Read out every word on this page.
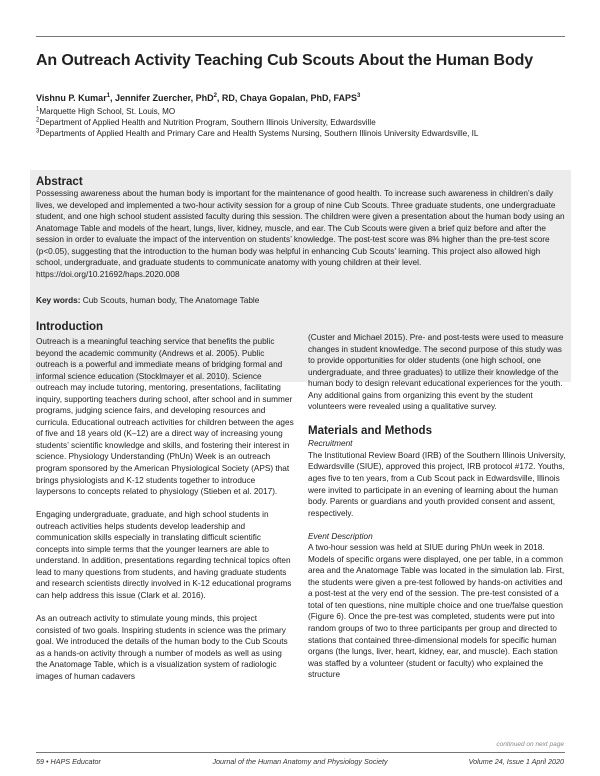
An Outreach Activity Teaching Cub Scouts About the Human Body
Vishnu P. Kumar$^1$, Jennifer Zuercher, PhD$^2$, RD, Chaya Gopalan, PhD, FAPS$^3$
$^1$Marquette High School, St. Louis, MO
$^2$Department of Applied Health and Nutrition Program, Southern Illinois University, Edwardsville
$^3$Departments of Applied Health and Primary Care and Health Systems Nursing, Southern Illinois University Edwardsville, IL
Abstract
Possessing awareness about the human body is important for the maintenance of good health. To increase such awareness in children’s daily lives, we developed and implemented a two-hour activity session for a group of nine Cub Scouts. Three graduate students, one undergraduate student, and one high school student assisted faculty during this session. The children were given a presentation about the human body using an Anatomage Table and models of the heart, lungs, liver, kidney, muscle, and ear. The Cub Scouts were given a brief quiz before and after the session in order to evaluate the impact of the intervention on students’ knowledge. The post-test score was 8% higher than the pre-test score (p<0.05), suggesting that the introduction to the human body was helpful in enhancing Cub Scouts’ learning. This project also allowed high school, undergraduate, and graduate students to communicate anatomy with young children at their level. https://doi.org/10.21692/haps.2020.008
Key words: Cub Scouts, human body, The Anatomage Table
Introduction

Outreach is a meaningful teaching service that benefits the public beyond the academic community (Andrews et al. 2005). Public outreach is a powerful and immediate means of bridging formal and informal science education (Stocklmayer et al. 2010). Science outreach may include tutoring, mentoring, presentations, facilitating inquiry, supporting teachers during school, after school and in summer programs, judging science fairs, and developing resources and curricula. Educational outreach activities for children between the ages of five and 18 years old (K–12) are a direct way of increasing young students’ scientific knowledge and skills, and fostering their interest in science. Physiology Understanding (PhUn) Week is an outreach program sponsored by the American Physiological Society (APS) that brings physiologists and K-12 students together to introduce laypersons to concepts related to physiology (Stieben et al. 2017).

Engaging undergraduate, graduate, and high school students in outreach activities helps students develop leadership and communication skills especially in translating difficult scientific concepts into simple terms that the younger learners are able to understand. In addition, presentations regarding technical topics often lead to many questions from students, and having graduate students and research scientists directly involved in K-12 educational programs can help address this issue (Clark et al. 2016).

As an outreach activity to stimulate young minds, this project consisted of two goals. Inspiring students in science was the primary goal. We introduced the details of the human body to the Cub Scouts as a hands-on activity through a number of models as well as using the Anatomage Table, which is a visualization system of radiologic images of human cadavers

(Custer and Michael 2015). Pre- and post-tests were used to measure changes in student knowledge. The second purpose of this study was to provide opportunities for older students (one high school, one undergraduate, and three graduates) to utilize their knowledge of the human body to design relevant educational experiences for the youth. Any additional gains from organizing this event by the student volunteers were revealed using a qualitative survey.

Materials and Methods
Recruitment

The Institutional Review Board (IRB) of the Southern Illinois University, Edwardsville (SIUE), approved this project, IRB protocol #172. Youths, ages five to ten years, from a Cub Scout pack in Edwardsville, Illinois were invited to participate in an evening of learning about the human body. Parents or guardians and youth provided consent and assent, respectively.

Event Description

A two-hour session was held at SIUE during PhUn week in 2018. Models of specific organs were displayed, one per table, in a common area and the Anatomage Table was located in the simulation lab. First, the students were given a pre-test followed by hands-on activities and a post-test at the very end of the session. The pre-test consisted of a total of ten questions, nine multiple choice and one true/false question (Figure 6). Once the pre-test was completed, students were put into random groups of two to three participants per group and directed to stations that contained three-dimensional models for specific human organs (the lungs, liver, heart, kidney, ear, and muscle). Each station was staffed by a volunteer (student or faculty) who explained the structure

continued on next page
59 • HAPS Educator	Journal of the Human Anatomy and Physiology Society	Volume 24, Issue 1 April 2020
